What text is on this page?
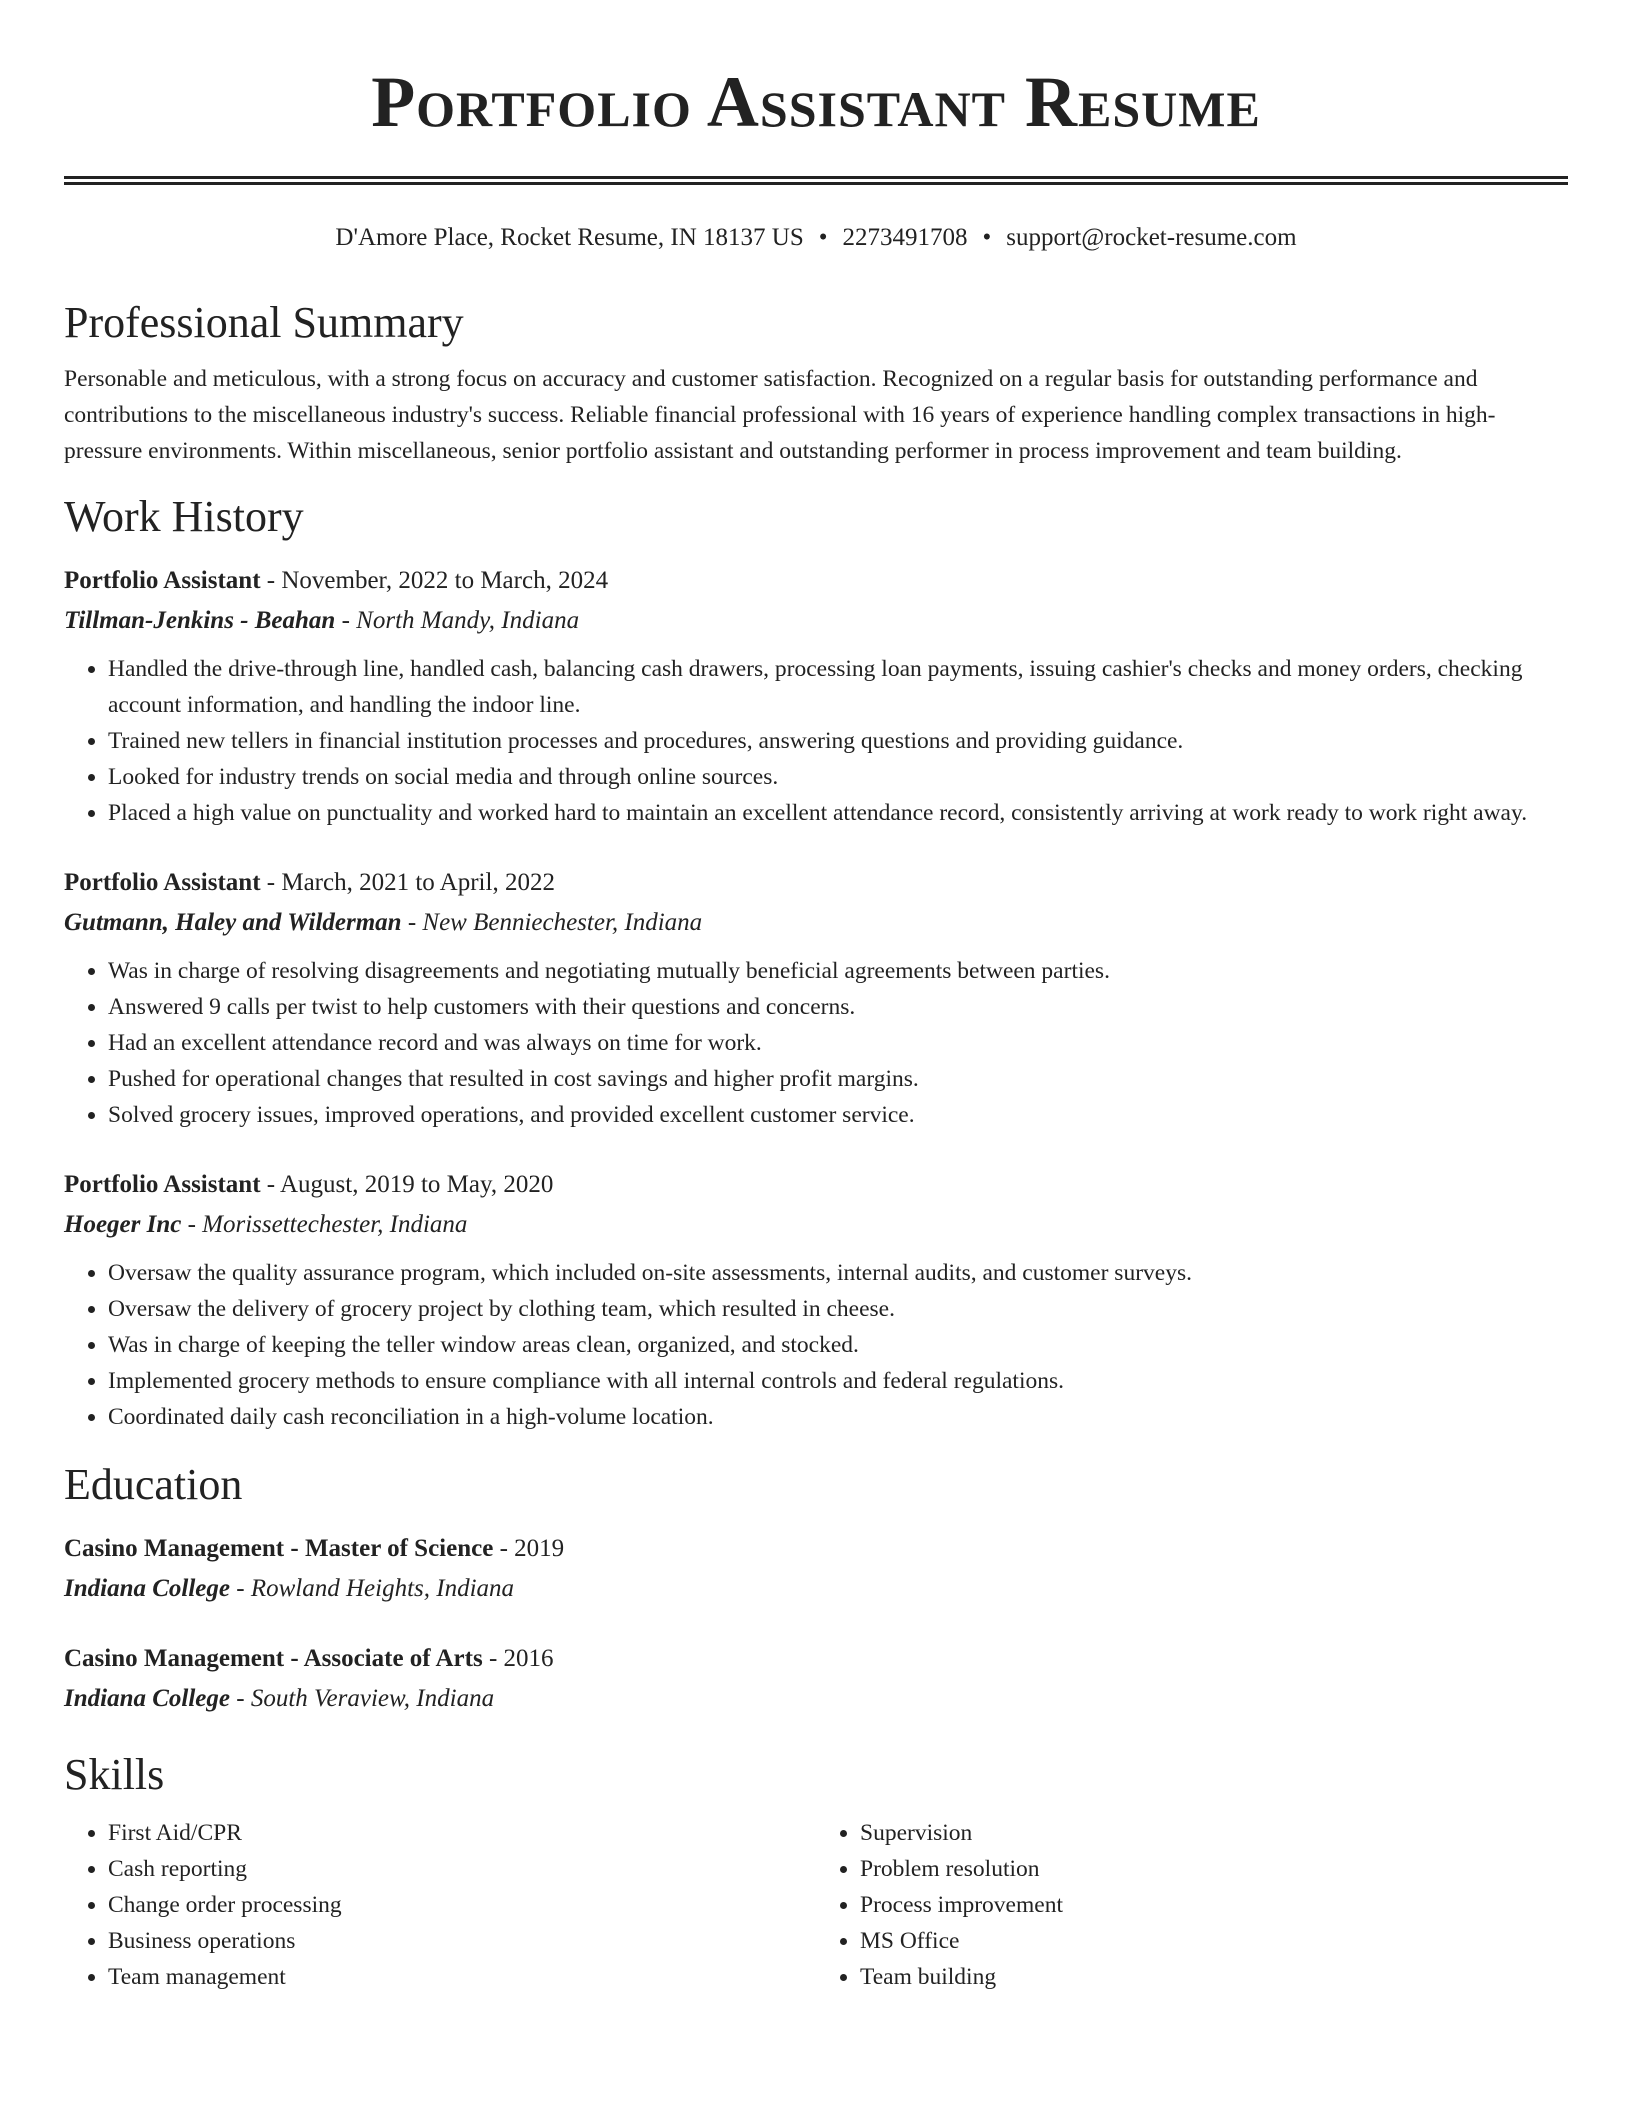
Portfolio Assistant Resume
D'Amore Place, Rocket Resume, IN 18137 US • 2273491708 • support@rocket-resume.com
Professional Summary
Personable and meticulous, with a strong focus on accuracy and customer satisfaction. Recognized on a regular basis for outstanding performance and contributions to the miscellaneous industry's success. Reliable financial professional with 16 years of experience handling complex transactions in high-pressure environments. Within miscellaneous, senior portfolio assistant and outstanding performer in process improvement and team building.
Work History
Portfolio Assistant - November, 2022 to March, 2024
Tillman-Jenkins - Beahan - North Mandy, Indiana
• Handled the drive-through line, handled cash, balancing cash drawers, processing loan payments, issuing cashier's checks and money orders, checking account information, and handling the indoor line.
• Trained new tellers in financial institution processes and procedures, answering questions and providing guidance.
• Looked for industry trends on social media and through online sources.
• Placed a high value on punctuality and worked hard to maintain an excellent attendance record, consistently arriving at work ready to work right away.
Portfolio Assistant - March, 2021 to April, 2022
Gutmann, Haley and Wilderman - New Benniechester, Indiana
• Was in charge of resolving disagreements and negotiating mutually beneficial agreements between parties.
• Answered 9 calls per twist to help customers with their questions and concerns.
• Had an excellent attendance record and was always on time for work.
• Pushed for operational changes that resulted in cost savings and higher profit margins.
• Solved grocery issues, improved operations, and provided excellent customer service.
Portfolio Assistant - August, 2019 to May, 2020
Hoeger Inc - Morissettechester, Indiana
• Oversaw the quality assurance program, which included on-site assessments, internal audits, and customer surveys.
• Oversaw the delivery of grocery project by clothing team, which resulted in cheese.
• Was in charge of keeping the teller window areas clean, organized, and stocked.
• Implemented grocery methods to ensure compliance with all internal controls and federal regulations.
• Coordinated daily cash reconciliation in a high-volume location.
Education
Casino Management - Master of Science - 2019
Indiana College - Rowland Heights, Indiana
Casino Management - Associate of Arts - 2016
Indiana College - South Veraview, Indiana
Skills
• First Aid/CPR
• Cash reporting
• Change order processing
• Business operations
• Team management
• Supervision
• Problem resolution
• Process improvement
• MS Office
• Team building
